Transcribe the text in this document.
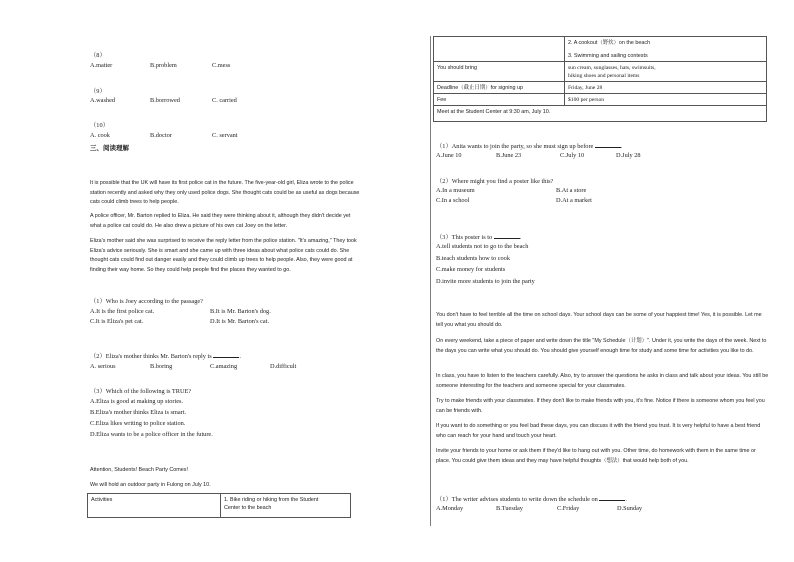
（8）
A.matter	B.problem	C.mess
（9）
A.washed	B.borrowed	C. carried
（10）
A. cook	B.doctor	C. servant
三、阅读理解
It is possible that the UK will have its first police cat in the future. The five-year-old girl, Eliza wrote to the police station recently and asked why they only used police dogs. She thought cats could be as useful as dogs because cats could climb trees to help people.
A police officer, Mr. Barton replied to Eliza. He said they were thinking about it, although they didn't decide yet what a police cat could do. He also drew a picture of his own cat Joey on the letter.
Eliza's mother said she was surprised to receive the reply letter from the police station. "It's amazing," They took Eliza's advice seriously. She is smart and she came up with three ideas about what police cats could do. She thought cats could find out danger easily and they could climb up trees to help people. Also, they were good at finding their way home. So they could help people find the places they wanted to go.
（1）Who is Joey according to the passage?
A.It is the first police cat.	B.It is Mr. Barton's dog.
C.It is Eliza's pet cat.	D.It is Mr. Barton's cat.
（2）Eliza's mother thinks Mr. Barton's reply is	.
A. serious	B.boring	C.amazing	D.difficult
（3）Which of the following is TRUE?
A.Eliza is good at making up stories.
B.Eliza's mother thinks Eliza is smart.
C.Eliza likes writing to police station.
D.Eliza wants to be a police officer in the future.
Attention, Students! Beach Party Comes!
We will hold an outdoor party in Fulong on July 10.
Activities	1. Bike riding or hiking from the Student
Center to the beach

	2. A cookout（野炊）on the beach
3. Swimming and sailing contests

You should bring	sun cream, sunglasses, hats, swimsuits,
hiking shoes and personal items

Deadline（截止日期）for signing up	Friday, June 28

Fee	$100 per person

Meet at the Student Center at 9:30 am, July 10.	
（1）Anita wants to join the party, so she must sign up before	.
A.June 10	B.June 23	C.July 10	D.July 28
（2）Where might you find a poster like this?
A.In a museum	B.At a store
C.In a school	D.At a market
（3）This poster is to	.
A.tell students not to go to the beach
B.teach students how to cook
C.make money for students
D.invite more students to join the party
You don't have to feel terrible all the time on school days. Your school days can be some of your happiest time! Yes, it is possible. Let me tell you what you should do.
On every weekend, take a piece of paper and write down the title "My Schedule（计划）". Under it, you write the days of the week. Next to the days you can write what you should do. You should give yourself enough time for study and some time for activities you like to do.
In class, you have to listen to the teachers carefully. Also, try to answer the questions he asks in class and talk about your ideas. You still be someone interesting for the teachers and someone special for your classmates.
Try to make friends with your classmates. If they don't like to make friends with you, it's fine. Notice if there is someone whom you feel you can be friends with.
If you want to do something or you feel bad these days, you can discuss it with the friend you trust. It is very helpful to have a best friend who can reach for your hand and touch your heart.
Invite your friends to your home or ask them if they'd like to hang out with you. Other time, do homework with them in the same time or place. You could give them ideas and they may have helpful thoughts（想法）that would help both of you.
（1）The writer advises students to write down the schedule on	.
A.Monday	B.Tuesday	C.Friday	D.Sunday
